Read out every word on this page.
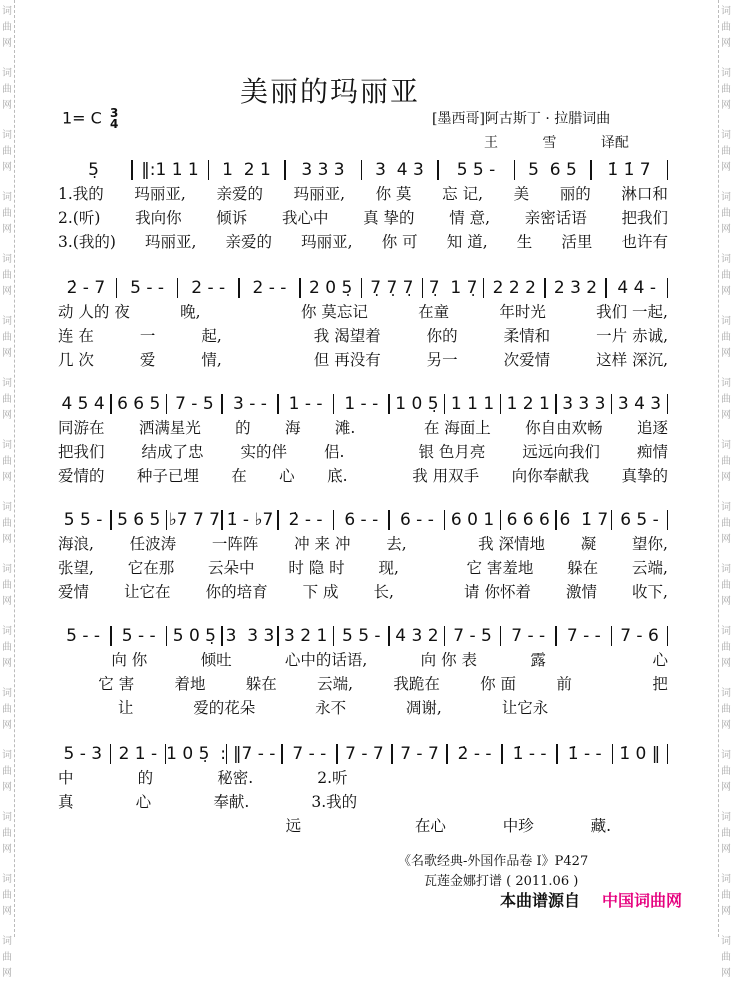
词
曲
网
词
曲
网
词
曲
网
词
曲
网
词
曲
网
词
曲
网
词
曲
网
词
曲
网
词
曲
网
词
曲
网
词
曲
网
词
曲
网
词
曲
网
词
曲
网
词
曲
网
词
曲
网
词
曲
网
词
曲
网
词
曲
网
词
曲
网
词
曲
网
词
曲
网
词
曲
网
词
曲
网
词
曲
网
词
曲
网
词
曲
网
词
曲
网
词
曲
网
词
曲
网
词
曲
网
词
曲
网
美丽的玛丽亚
1= C 3
4	[墨西哥]阿古斯丁 · 拉腊词曲
王 雪 译配
5̣	‖:1 1 1	1  2 1	3 3 3	3  4 3	5 5 -	5  6 5	1̇ 1̇ 7
1.我的 玛丽亚, 亲爱的 玛丽亚, 你 莫 忘 记, 美 丽的 淋口和
2.(听) 我向你 倾诉 我心中 真 挚的 情 意, 亲密话语 把我们
3.(我的) 玛丽亚, 亲爱的 玛丽亚, 你 可 知 道, 生 活里 也许有
2̇ - 7	5 - -	2 - -	2 - -	2 0 5̣	7̣ 7̣ 7̣ 7̣  1 7̣ 2 2 2	2 3 2	4 4 -
动 人的 夜	晚,	你 莫忘记	在童	年时光	我们 一起,
连 在	一	起,	我 渴望着	你的	柔情和	一片 赤诚,
几 次	爱	情,	但 再没有	另一	次爱情	这样 深沉,
4 5 4 6 6 5 7 - 5	3 - -	1 - -	1 - -	1 0 5̣ 1 1 1 1 2 1 3 3 3 3 4 3
同游在 洒满星光 的 海 滩.	在 海面上 你自由欢畅 追逐
把我们 结成了忠 实的伴 侣.	银 色月亮 远远向我们 痴情
爱情的 种子已埋 在 心 底.	我 用双手 向你奉献我 真挚的
5 5 - 5 6 5 ♭7 7 7 1̇ - ♭7 2̇ - -	6 - -	6 - -	6 0 1 6 6 6 6  1̇ 7 6 5 -
海浪, 任波涛 一阵阵 冲 来 冲 去,	我 深情地 凝 望你,
张望, 它在那 云朵中 时 隐 时 现,	它 害羞地 躲在 云端,
爱情 让它在 你的培育 下 成 长,	请 你怀着 激情 收下,
5 - -	5 - -	5 0 5̣ 3  3 3 3 2 1 5 5 - 4 3 2 7 - 5	7 - -	7 - -	7 - 6
向 你	倾吐	心中的话语,	向 你 表	露	心
它 害	着地	躲在	云端,	我跪在	你 面	前	把
让	爱的花朵	永不	凋谢,	让它永
5 - 3 2 1 - 1 0 5̣  : ‖7 - - 7 - -	7 - 7 7 - 7	2̇ - -	1̇ - -	1̇ - -	1̇ 0 ‖
中	的	秘密.	2.听
真	心	奉献.	3.我的
远	在心	中珍	藏.
《名歌经典-外国作品卷 I》P427
瓦莲金娜打谱 ( 2011.06 )
本曲谱源自 中国词曲网
